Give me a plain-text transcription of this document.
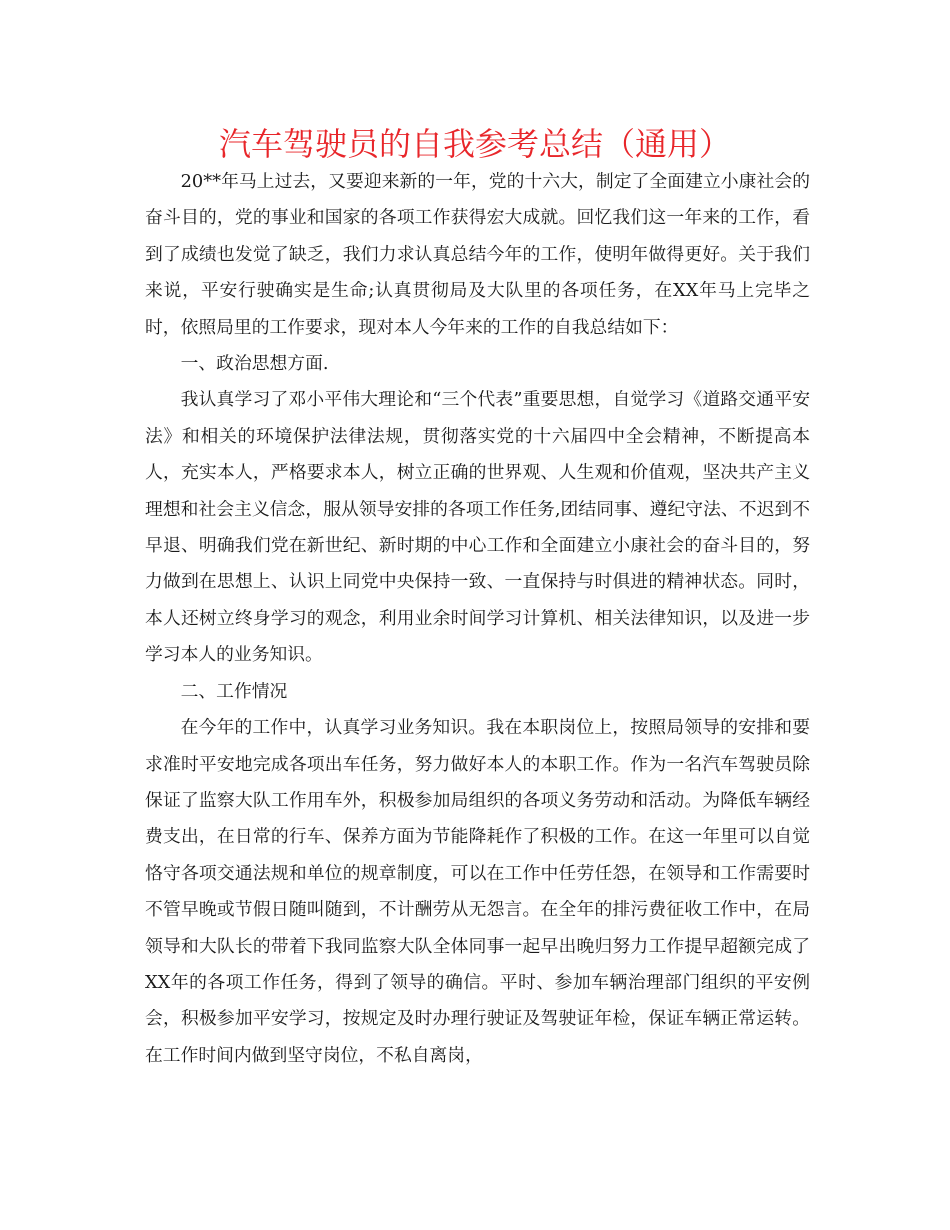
汽车驾驶员的自我参考总结（通用）

20**年马上过去，又要迎来新的一年，党的十六大，制定了全面建立小康社会的奋斗目的，党的事业和国家的各项工作获得宏大成就。回忆我们这一年来的工作，看到了成绩也发觉了缺乏，我们力求认真总结今年的工作，使明年做得更好。关于我们来说，平安行驶确实是生命;认真贯彻局及大队里的各项任务，在XX年马上完毕之时，依照局里的工作要求，现对本人今年来的工作的自我总结如下：

一、政治思想方面.

我认真学习了邓小平伟大理论和“三个代表”重要思想，自觉学习《道路交通平安法》和相关的环境保护法律法规，贯彻落实党的十六届四中全会精神，不断提高本人，充实本人，严格要求本人，树立正确的世界观、人生观和价值观，坚决共产主义理想和社会主义信念，服从领导安排的各项工作任务,团结同事、遵纪守法、不迟到不早退、明确我们党在新世纪、新时期的中心工作和全面建立小康社会的奋斗目的，努力做到在思想上、认识上同党中央保持一致、一直保持与时俱进的精神状态。同时，本人还树立终身学习的观念，利用业余时间学习计算机、相关法律知识，以及进一步学习本人的业务知识。

二、工作情况

在今年的工作中，认真学习业务知识。我在本职岗位上，按照局领导的安排和要求准时平安地完成各项出车任务，努力做好本人的本职工作。作为一名汽车驾驶员除保证了监察大队工作用车外，积极参加局组织的各项义务劳动和活动。为降低车辆经费支出，在日常的行车、保养方面为节能降耗作了积极的工作。在这一年里可以自觉恪守各项交通法规和单位的规章制度，可以在工作中任劳任怨，在领导和工作需要时不管早晚或节假日随叫随到，不计酬劳从无怨言。在全年的排污费征收工作中，在局领导和大队长的带着下我同监察大队全体同事一起早出晚归努力工作提早超额完成了XX年的各项工作任务，得到了领导的确信。平时、参加车辆治理部门组织的平安例会，积极参加平安学习，按规定及时办理行驶证及驾驶证年检，保证车辆正常运转。在工作时间内做到坚守岗位，不私自离岗，
